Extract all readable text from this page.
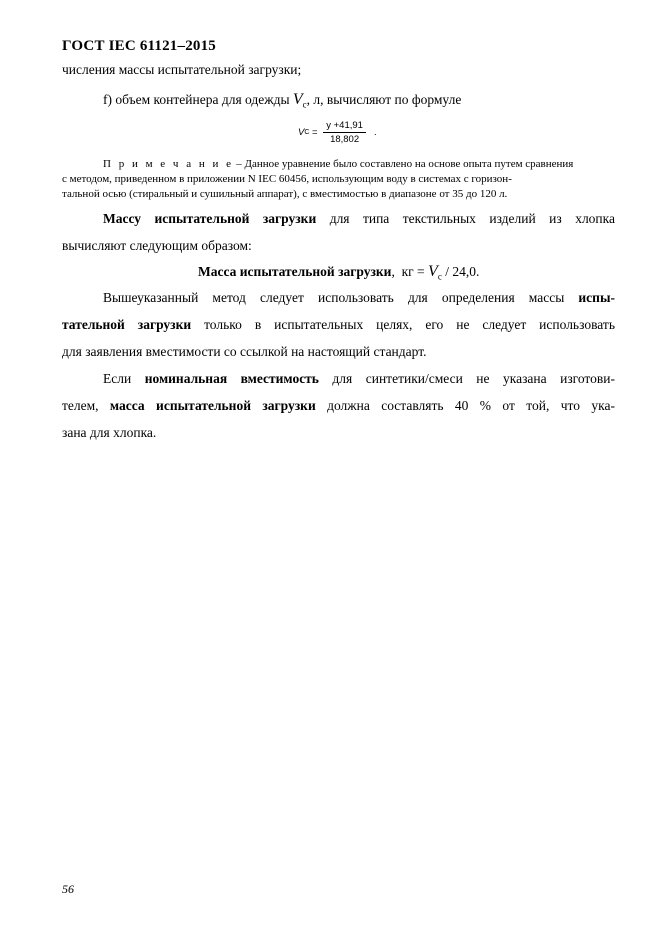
ГОСТ IEC 61121–2015
числения массы испытательной загрузки;
f) объем контейнера для одежды $V_c$, л, вычисляют по формуле
V $C = \frac{y +41,91}{18,802}$ .
П р и м е ч а н и е – Данное уравнение было составлено на основе опыта путем сравнения
с методом, приведенном в приложении N IEC 60456, использующим воду в системах с горизон-
тальной осью (стиральный и сушильный аппарат), с вместимостью в диапазоне от 35 до 120 л.
Массу испытательной загрузки для типа текстильных изделий из хлопка
вычисляют следующим образом:
Масса испытательной загрузки,  кг = $V_c / 24,0$.
Вышеуказанный метод следует использовать для определения массы испы-
тательной загрузки только в испытательных целях, его не следует использовать
для заявления вместимости со ссылкой на настоящий стандарт.
Если номинальная вместимость для синтетики/смеси не указана изготови-
телем, масса испытательной загрузки должна составлять 40 % от той, что ука-
зана для хлопка.
56
